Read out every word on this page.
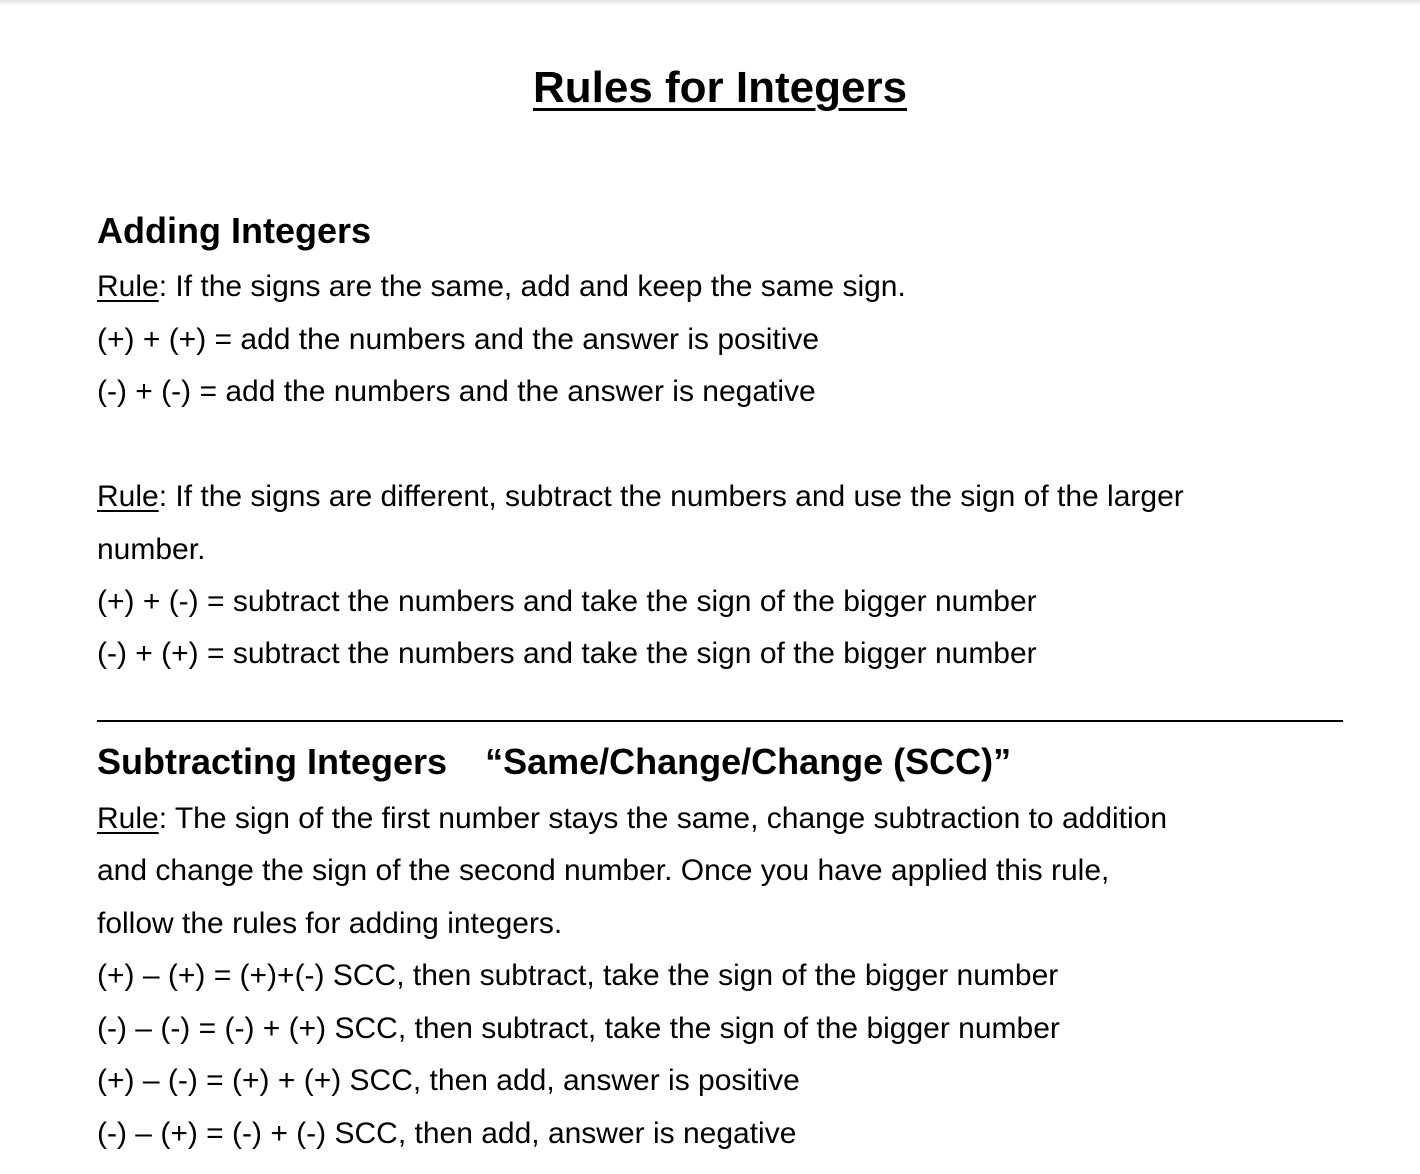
Rules for Integers
Adding Integers

Rule: If the signs are the same, add and keep the same sign.

(+) + (+) = add the numbers and the answer is positive

(-) + (-) = add the numbers and the answer is negative

Rule: If the signs are different, subtract the numbers and use the sign of the larger

number.

(+) + (-) = subtract the numbers and take the sign of the bigger number

(-) + (+) = subtract the numbers and take the sign of the bigger number

Subtracting Integers “Same/Change/Change (SCC)”

Rule: The sign of the first number stays the same, change subtraction to addition

and change the sign of the second number. Once you have applied this rule,

follow the rules for adding integers.

(+) – (+) = (+)+(-) SCC, then subtract, take the sign of the bigger number

(-) – (-) = (-) + (+) SCC, then subtract, take the sign of the bigger number

(+) – (-) = (+) + (+) SCC, then add, answer is positive

(-) – (+) = (-) + (-) SCC, then add, answer is negative
